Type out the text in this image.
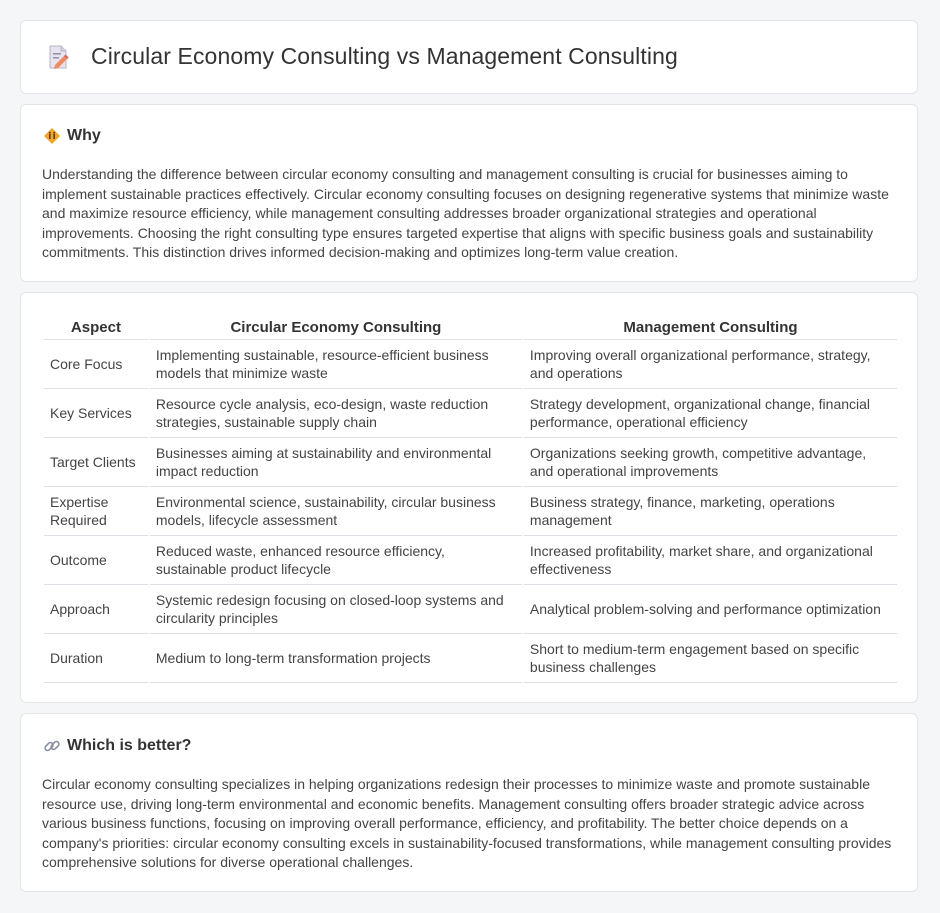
Circular Economy Consulting vs Management Consulting
Why

Understanding the difference between circular economy consulting and management consulting is crucial for businesses aiming to implement sustainable practices effectively. Circular economy consulting focuses on designing regenerative systems that minimize waste and maximize resource efficiency, while management consulting addresses broader organizational strategies and operational improvements. Choosing the right consulting type ensures targeted expertise that aligns with specific business goals and sustainability commitments. This distinction drives informed decision-making and optimizes long-term value creation.

Aspect	Circular Economy Consulting	Management Consulting
Core Focus	Implementing sustainable, resource-efficient business models that minimize waste	Improving overall organizational performance, strategy, and operations
Key Services	Resource cycle analysis, eco-design, waste reduction strategies, sustainable supply chain	Strategy development, organizational change, financial performance, operational efficiency
Target Clients	Businesses aiming at sustainability and environmental impact reduction	Organizations seeking growth, competitive advantage, and operational improvements
Expertise Required	Environmental science, sustainability, circular business models, lifecycle assessment	Business strategy, finance, marketing, operations management
Outcome	Reduced waste, enhanced resource efficiency, sustainable product lifecycle	Increased profitability, market share, and organizational effectiveness
Approach	Systemic redesign focusing on closed-loop systems and circularity principles	Analytical problem-solving and performance optimization
Duration	Medium to long-term transformation projects	Short to medium-term engagement based on specific business challenges
Which is better?

Circular economy consulting specializes in helping organizations redesign their processes to minimize waste and promote sustainable resource use, driving long-term environmental and economic benefits. Management consulting offers broader strategic advice across various business functions, focusing on improving overall performance, efficiency, and profitability. The better choice depends on a company's priorities: circular economy consulting excels in sustainability-focused transformations, while management consulting provides comprehensive solutions for diverse operational challenges.
